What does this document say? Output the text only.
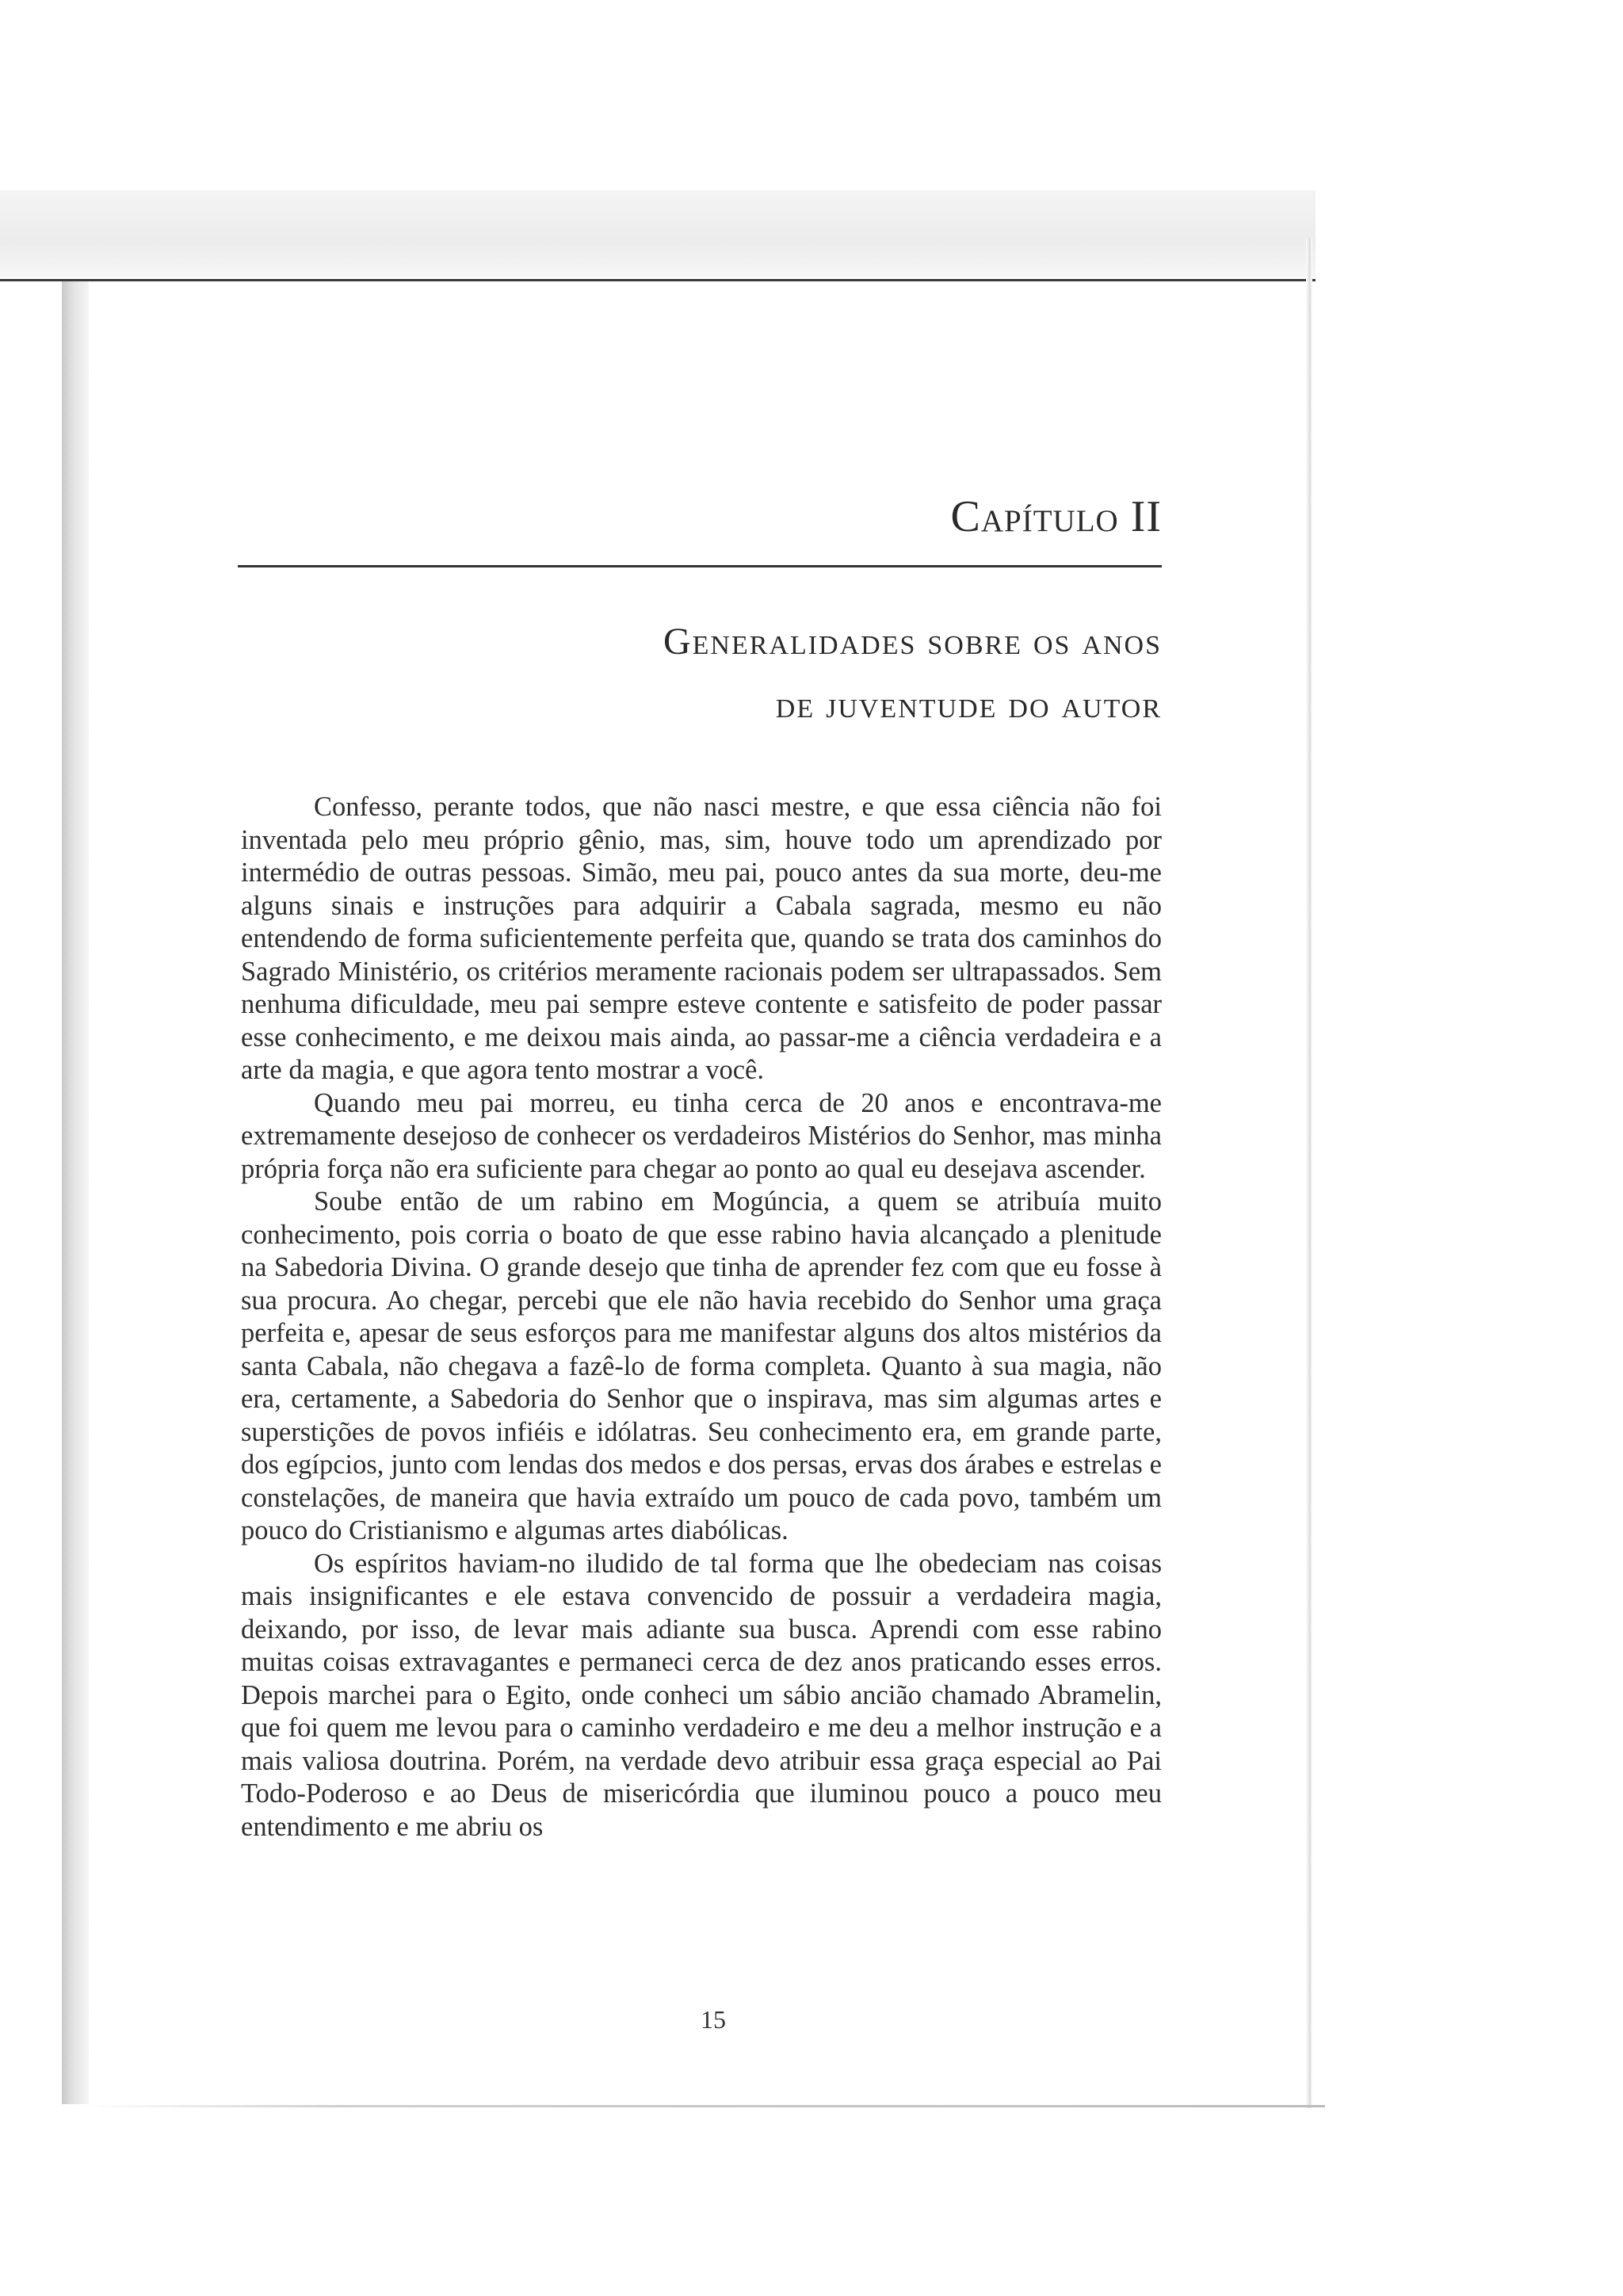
Capítulo II
Generalidades sobre os anos
de juventude do autor

Confesso, perante todos, que não nasci mestre, e que essa ciência não foi inventada pelo meu próprio gênio, mas, sim, houve todo um aprendizado por intermédio de outras pessoas. Simão, meu pai, pouco antes da sua morte, deu-me alguns sinais e instruções para adquirir a Cabala sagrada, mesmo eu não entendendo de forma suficientemente perfeita que, quando se trata dos caminhos do Sagrado Ministério, os critérios meramente racionais podem ser ultrapassados. Sem nenhuma dificuldade, meu pai sempre esteve contente e satisfeito de poder passar esse conhecimento, e me deixou mais ainda, ao passar-me a ciência verdadeira e a arte da magia, e que agora tento mostrar a você.

Quando meu pai morreu, eu tinha cerca de 20 anos e encontrava-me extremamente desejoso de conhecer os verdadeiros Mistérios do Senhor, mas minha própria força não era suficiente para chegar ao ponto ao qual eu desejava ascender.

Soube então de um rabino em Mogúncia, a quem se atribuía muito conhecimento, pois corria o boato de que esse rabino havia alcançado a plenitude na Sabedoria Divina. O grande desejo que tinha de aprender fez com que eu fosse à sua procura. Ao chegar, percebi que ele não havia recebido do Senhor uma graça perfeita e, apesar de seus esforços para me manifestar alguns dos altos mistérios da santa Cabala, não chegava a fazê-lo de forma completa. Quanto à sua magia, não era, certamente, a Sabedoria do Senhor que o inspirava, mas sim algumas artes e superstições de povos infiéis e idólatras. Seu conhecimento era, em grande parte, dos egípcios, junto com lendas dos medos e dos persas, ervas dos árabes e estrelas e constelações, de maneira que havia extraído um pouco de cada povo, também um pouco do Cristianismo e algumas artes diabólicas.

Os espíritos haviam-no iludido de tal forma que lhe obedeciam nas coisas mais insignificantes e ele estava convencido de possuir a verdadeira magia, deixando, por isso, de levar mais adiante sua busca. Aprendi com esse rabino muitas coisas extravagantes e permaneci cerca de dez anos praticando esses erros. Depois marchei para o Egito, onde conheci um sábio ancião chamado Abramelin, que foi quem me levou para o caminho verdadeiro e me deu a melhor instrução e a mais valiosa doutrina. Porém, na verdade devo atribuir essa graça especial ao Pai Todo-Poderoso e ao Deus de misericórdia que iluminou pouco a pouco meu entendimento e me abriu os

15
